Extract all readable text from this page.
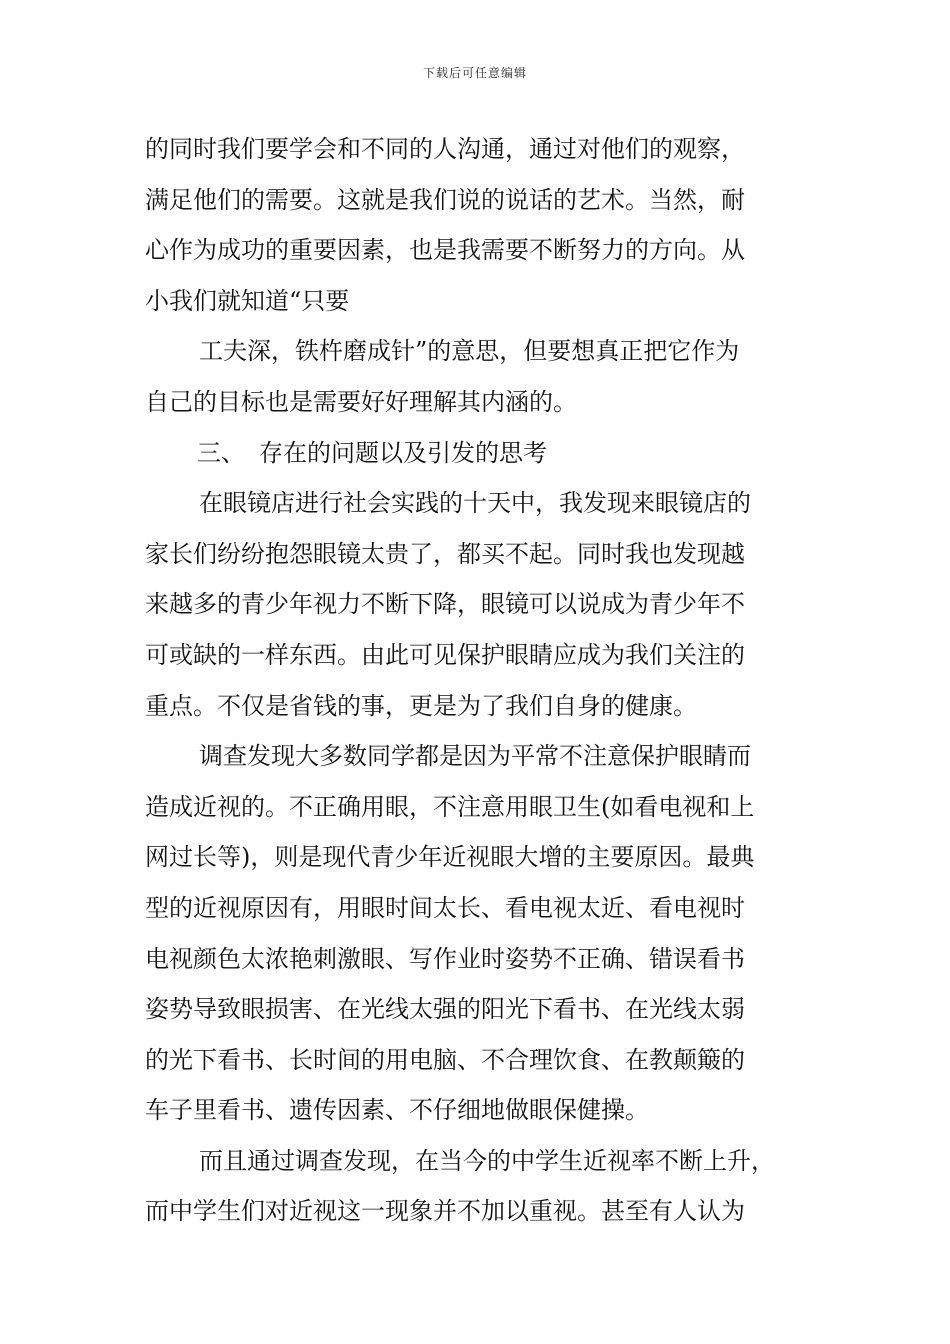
下载后可任意编辑
的同时我们要学会和不同的人沟通，通过对他们的观察，
满足他们的需要。这就是我们说的说话的艺术。当然，耐
心作为成功的重要因素，也是我需要不断努力的方向。从
小我们就知道“只要
工夫深，铁杵磨成针”的意思，但要想真正把它作为
自己的目标也是需要好好理解其内涵的。
三、 存在的问题以及引发的思考
在眼镜店进行社会实践的十天中，我发现来眼镜店的
家长们纷纷抱怨眼镜太贵了，都买不起。同时我也发现越
来越多的青少年视力不断下降，眼镜可以说成为青少年不
可或缺的一样东西。由此可见保护眼睛应成为我们关注的
重点。不仅是省钱的事，更是为了我们自身的健康。
调查发现大多数同学都是因为平常不注意保护眼睛而
造成近视的。不正确用眼，不注意用眼卫生(如看电视和上
网过长等)，则是现代青少年近视眼大增的主要原因。最典
型的近视原因有，用眼时间太长、看电视太近、看电视时
电视颜色太浓艳刺激眼、写作业时姿势不正确、错误看书
姿势导致眼损害、在光线太强的阳光下看书、在光线太弱
的光下看书、长时间的用电脑、不合理饮食、在教颠簸的
车子里看书、遗传因素、不仔细地做眼保健操。
而且通过调查发现，在当今的中学生近视率不断上升，
而中学生们对近视这一现象并不加以重视。甚至有人认为
